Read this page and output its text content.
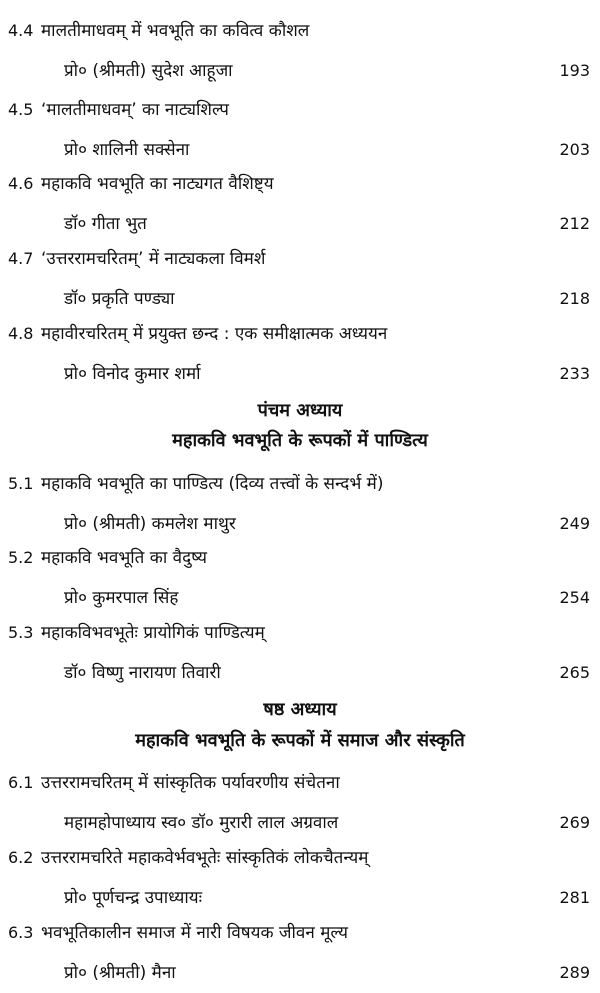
4.4 मालतीमाधवम् में भवभूति का कवित्व कौशल
प्रो० (श्रीमती) सुदेश आहूजा	193
4.5 ‘मालतीमाधवम्’ का नाट्यशिल्प
प्रो० शालिनी सक्सेना	203
4.6 महाकवि भवभूति का नाट्यगत वैशिष्ट्य
डॉ० गीता भुत	212
4.7 ‘उत्तररामचरितम्’ में नाट्यकला विमर्श
डॉ० प्रकृति पण्ड्या	218
4.8 महावीरचरितम् में प्रयुक्त छन्द : एक समीक्षात्मक अध्ययन
प्रो० विनोद कुमार शर्मा	233
पंचम अध्याय
महाकवि भवभूति के रूपकों में पाण्डित्य
5.1 महाकवि भवभूति का पाण्डित्य (दिव्य तत्त्वों के सन्दर्भ में)
प्रो० (श्रीमती) कमलेश माथुर	249
5.2 महाकवि भवभूति का वैदुष्य
प्रो० कुमरपाल सिंह	254
5.3 महाकविभवभूतेः प्रायोगिकं पाण्डित्यम्
डॉ० विष्णु नारायण तिवारी	265
षष्ठ अध्याय
महाकवि भवभूति के रूपकों में समाज और संस्कृति
6.1 उत्तररामचरितम् में सांस्कृतिक पर्यावरणीय संचेतना
महामहोपाध्याय स्व० डॉ० मुरारी लाल अग्रवाल	269
6.2 उत्तररामचरिते महाकवेर्भवभूतेः सांस्कृतिकं लोकचैतन्यम्
प्रो० पूर्णचन्द्र उपाध्यायः	281
6.3 भवभूतिकालीन समाज में नारी विषयक जीवन मूल्य
प्रो० (श्रीमती) मैना	289
